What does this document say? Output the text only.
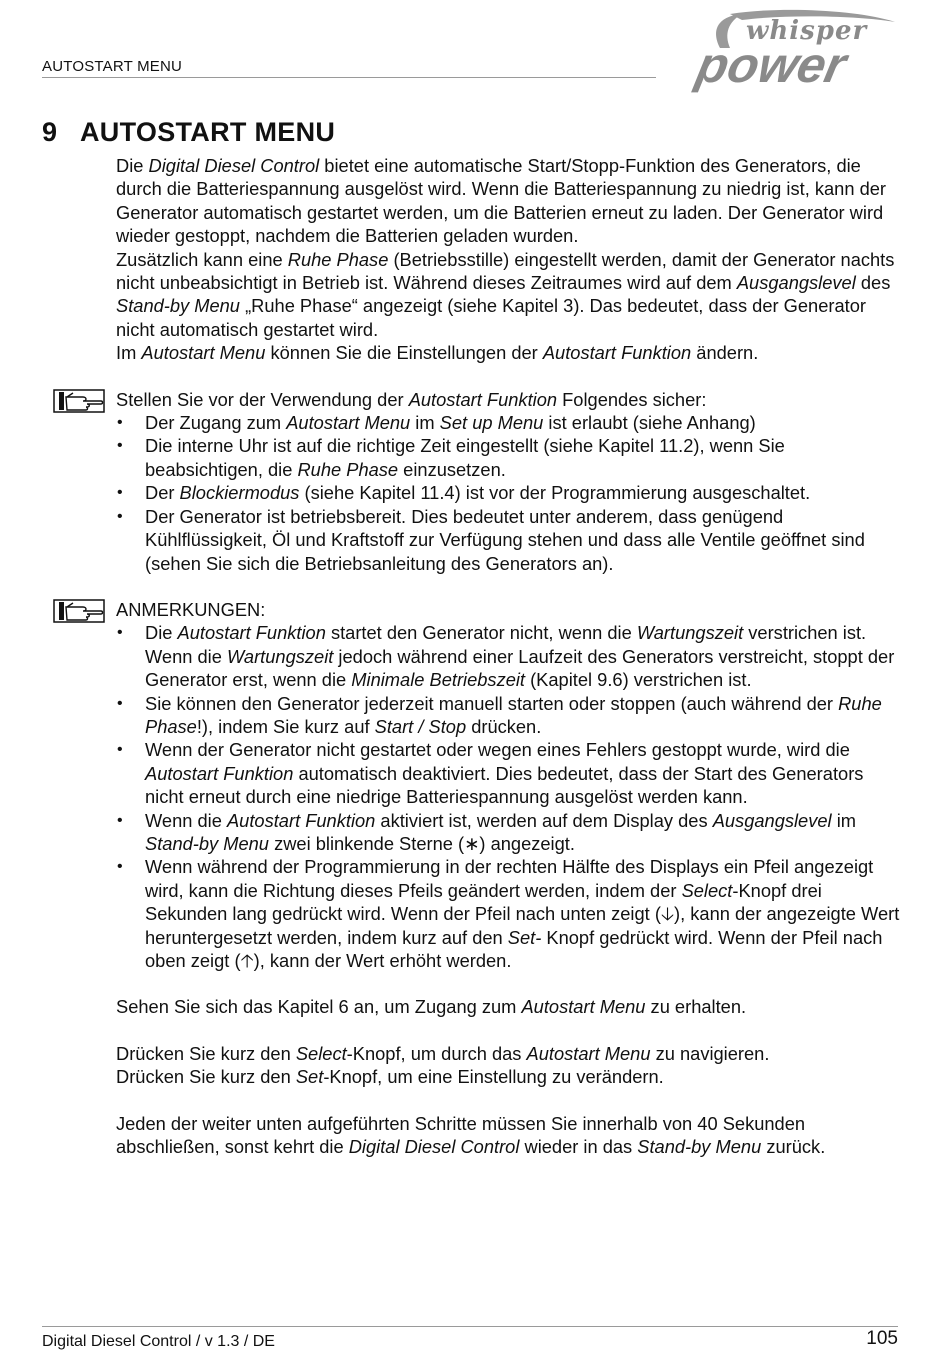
AUTOSTART MENU
whisper
power
9 AUTOSTART MENU

Die Digital Diesel Control bietet eine automatische Start/Stopp-Funktion des Generators, die durch die Batteriespannung ausgelöst wird. Wenn die Batteriespannung zu niedrig ist, kann der Generator automatisch gestartet werden, um die Batterien erneut zu laden. Der Generator wird wieder gestoppt, nachdem die Batterien geladen wurden.

Zusätzlich kann eine Ruhe Phase (Betriebsstille) eingestellt werden, damit der Generator nachts nicht unbeabsichtigt in Betrieb ist. Während dieses Zeitraumes wird auf dem Ausgangslevel des Stand-by Menu „Ruhe Phase“ angezeigt (siehe Kapitel 3). Das bedeutet, dass der Generator nicht automatisch gestartet wird.

Im Autostart Menu können Sie die Einstellungen der Autostart Funktion ändern.

Stellen Sie vor der Verwendung der Autostart Funktion Folgendes sicher:

• Der Zugang zum Autostart Menu im Set up Menu ist erlaubt (siehe Anhang)
• Die interne Uhr ist auf die richtige Zeit eingestellt (siehe Kapitel 11.2), wenn Sie beabsichtigen, die Ruhe Phase einzusetzen.
• Der Blockiermodus (siehe Kapitel 11.4) ist vor der Programmierung ausgeschaltet.
• Der Generator ist betriebsbereit. Dies bedeutet unter anderem, dass genügend Kühlflüssigkeit, Öl und Kraftstoff zur Verfügung stehen und dass alle Ventile geöffnet sind (sehen Sie sich die Betriebsanleitung des Generators an).

ANMERKUNGEN:

• Die Autostart Funktion startet den Generator nicht, wenn die Wartungszeit verstrichen ist. Wenn die Wartungszeit jedoch während einer Laufzeit des Generators verstreicht, stoppt der Generator erst, wenn die Minimale Betriebszeit (Kapitel 9.6) verstrichen ist.
• Sie können den Generator jederzeit manuell starten oder stoppen (auch während der Ruhe Phase!), indem Sie kurz auf Start / Stop drücken.
• Wenn der Generator nicht gestartet oder wegen eines Fehlers gestoppt wurde, wird die Autostart Funktion automatisch deaktiviert. Dies bedeutet, dass der Start des Generators nicht erneut durch eine niedrige Batteriespannung ausgelöst werden kann.
• Wenn die Autostart Funktion aktiviert ist, werden auf dem Display des Ausgangslevel im Stand-by Menu zwei blinkende Sterne (∗) angezeigt.
• Wenn während der Programmierung in der rechten Hälfte des Displays ein Pfeil angezeigt wird, kann die Richtung dieses Pfeils geändert werden, indem der Select-Knopf drei Sekunden lang gedrückt wird. Wenn der Pfeil nach unten zeigt (🡣), kann der angezeigte Wert heruntergesetzt werden, indem kurz auf den Set- Knopf gedrückt wird. Wenn der Pfeil nach oben zeigt (🡡), kann der Wert erhöht werden.

Sehen Sie sich das Kapitel 6 an, um Zugang zum Autostart Menu zu erhalten.

Drücken Sie kurz den Select-Knopf, um durch das Autostart Menu zu navigieren.

Drücken Sie kurz den Set-Knopf, um eine Einstellung zu verändern.

Jeden der weiter unten aufgeführten Schritte müssen Sie innerhalb von 40 Sekunden abschließen, sonst kehrt die Digital Diesel Control wieder in das Stand-by Menu zurück.

Digital Diesel Control / v 1.3 / DE	105
